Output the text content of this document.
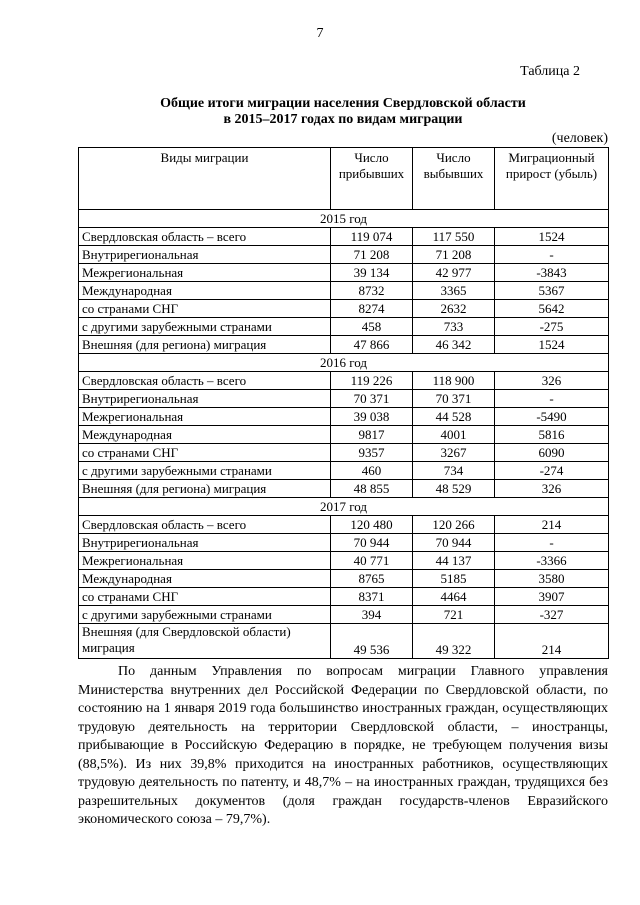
7
Таблица 2
Общие итоги миграции населения Свердловской области
в 2015–2017 годах по видам миграции
(человек)
Виды миграции	Число прибывших	Число выбывших	Миграционный прирост (убыль)
2015 год			
Свердловская область – всего	119 074	117 550	1524
Внутрирегиональная	71 208	71 208	-
Межрегиональная	39 134	42 977	-3843
Международная	8732	3365	5367
со странами СНГ	8274	2632	5642
с другими зарубежными странами	458	733	-275
Внешняя (для региона) миграция	47 866	46 342	1524
2016 год			
Свердловская область – всего	119 226	118 900	326
Внутрирегиональная	70 371	70 371	-
Межрегиональная	39 038	44 528	-5490
Международная	9817	4001	5816
со странами СНГ	9357	3267	6090
с другими зарубежными странами	460	734	-274
Внешняя (для региона) миграция	48 855	48 529	326
2017 год			
Свердловская область – всего	120 480	120 266	214
Внутрирегиональная	70 944	70 944	-
Межрегиональная	40 771	44 137	-3366
Международная	8765	5185	3580
со странами СНГ	8371	4464	3907
с другими зарубежными странами	394	721	-327
Внешняя (для Свердловской области) миграция	49 536	49 322	214

По данным Управления по вопросам миграции Главного управления Министерства внутренних дел Российской Федерации по Свердловской области, по состоянию на 1 января 2019 года большинство иностранных граждан, осуществляющих трудовую деятельность на территории Свердловской области, – иностранцы, прибывающие в Российскую Федерацию в порядке, не требующем получения визы (88,5%). Из них 39,8% приходится на иностранных работников, осуществляющих трудовую деятельность по патенту, и 48,7% – на иностранных граждан, трудящихся без разрешительных документов (доля граждан государств-членов Евразийского экономического союза – 79,7%).
